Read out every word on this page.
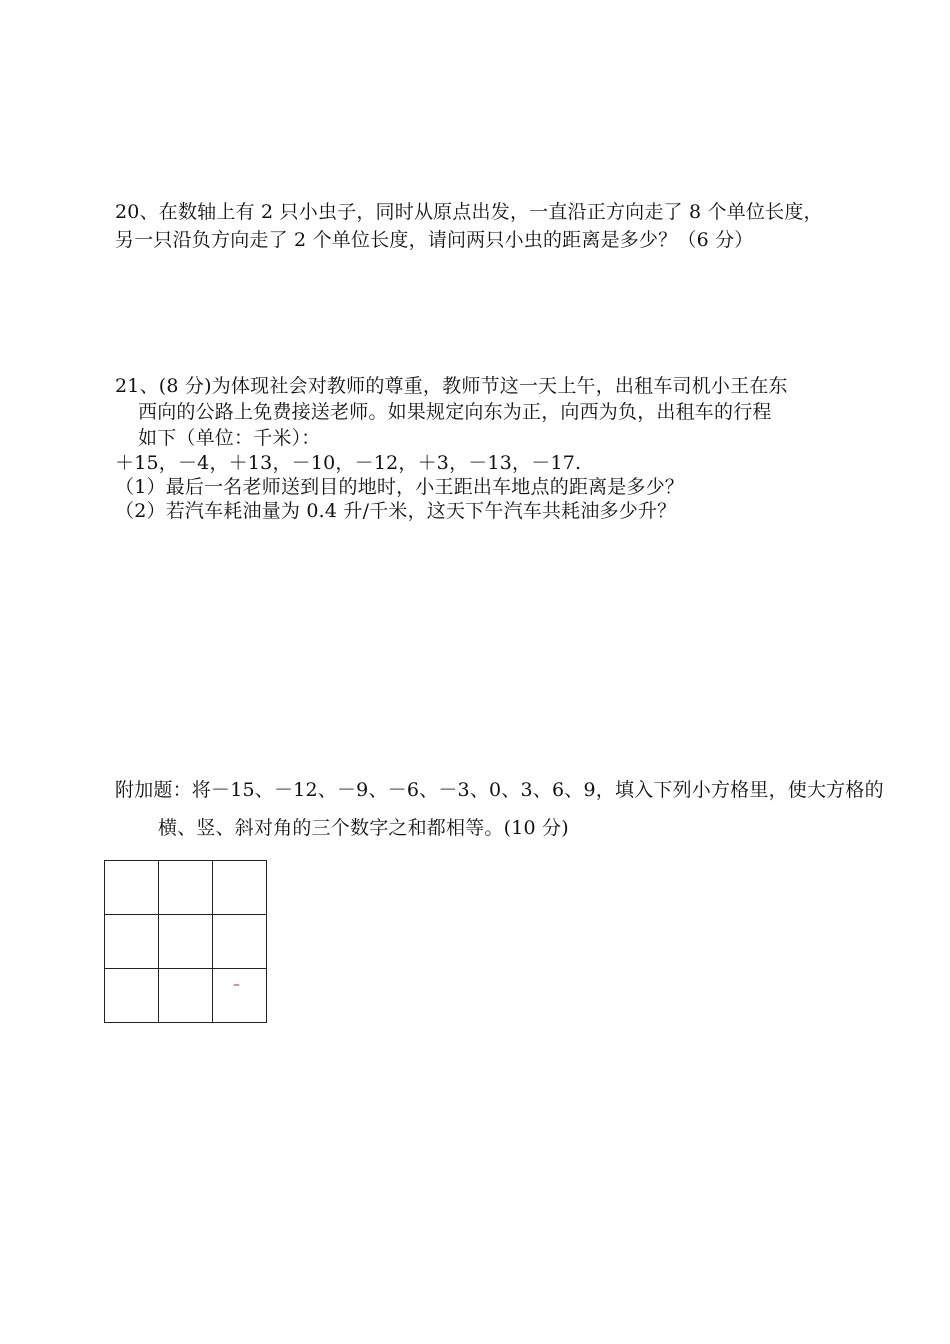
20、在数轴上有 2 只小虫子，同时从原点出发，一直沿正方向走了 8 个单位长度，
另一只沿负方向走了 2 个单位长度，请问两只小虫的距离是多少？（6 分）
21、(8 分)为体现社会对教师的尊重，教师节这一天上午，出租车司机小王在东
西向的公路上免费接送老师。如果规定向东为正，向西为负，出租车的行程
如下（单位：千米）：
＋15，－4，＋13，－10，－12，＋3，－13，－17.
（1）最后一名老师送到目的地时，小王距出车地点的距离是多少？
（2）若汽车耗油量为 0.4 升/千米，这天下午汽车共耗油多少升？
附加题：将－15、－12、－9、－6、－3、0、3、6、9，填入下列小方格里，使大方格的
横、竖、斜对角的三个数字之和都相等。(10 分)
–
